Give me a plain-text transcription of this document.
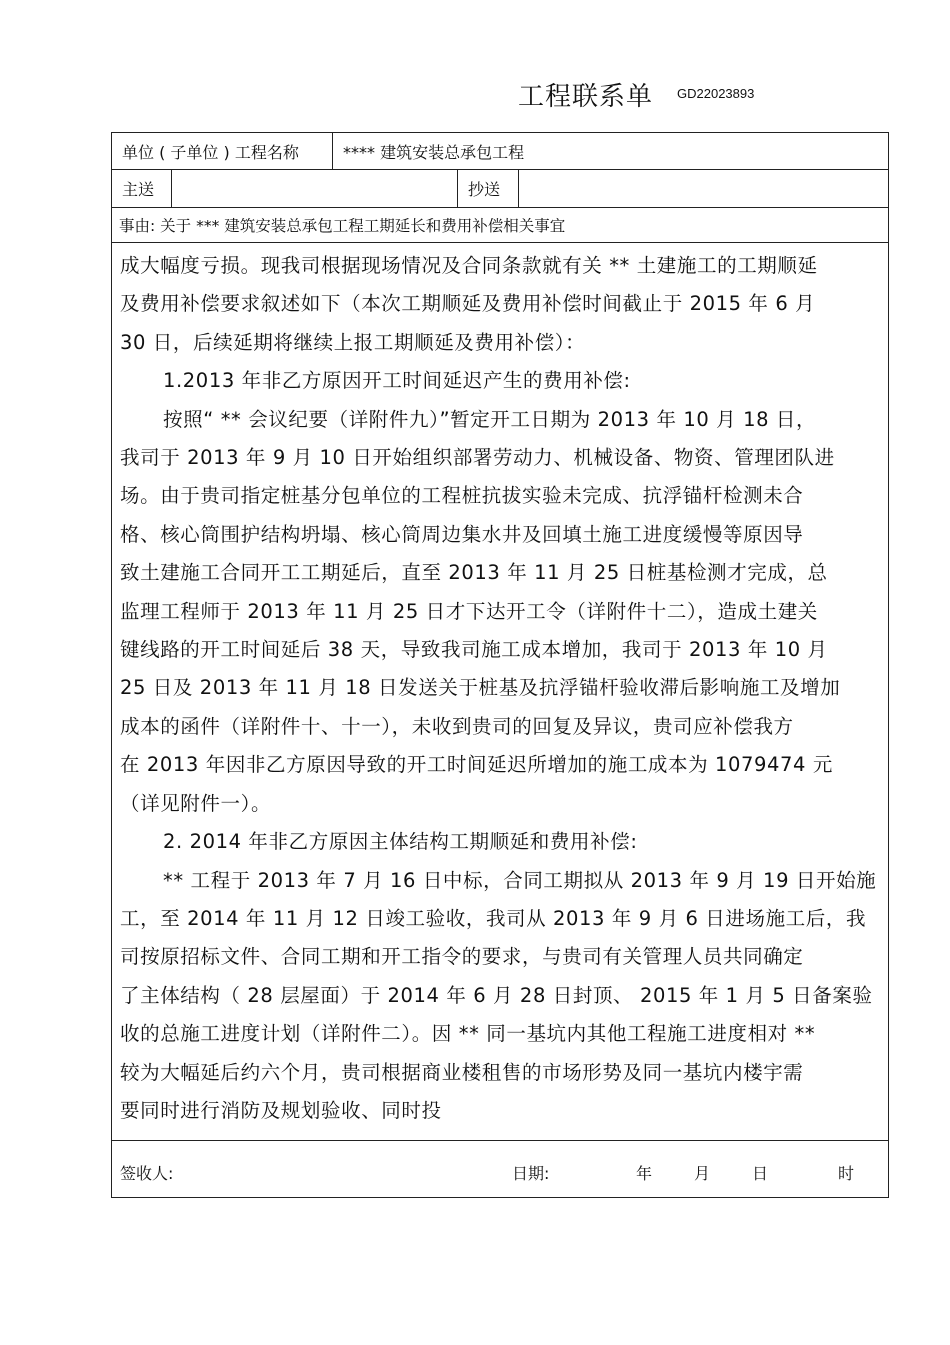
工程联系单 GD22023893
单位 ( 子单位 ) 工程名称	**** 建筑安装总承包工程
主送	抄送
事由: 关于 *** 建筑安装总承包工程工期延长和费用补偿相关事宜

成大幅度亏损。现我司根据现场情况及合同条款就有关 ** 土建施工的工期顺延

及费用补偿要求叙述如下（本次工期顺延及费用补偿时间截止于 2015 年 6 月

30 日，后续延期将继续上报工期顺延及费用补偿）：

1.2013 年非乙方原因开工时间延迟产生的费用补偿:

按照“ ** 会议纪要（详附件九）”暂定开工日期为 2013 年 10 月 18 日，

我司于 2013 年 9 月 10 日开始组织部署劳动力、机械设备、物资、管理团队进

场。由于贵司指定桩基分包单位的工程桩抗拔实验未完成、抗浮锚杆检测未合

格、核心筒围护结构坍塌、核心筒周边集水井及回填土施工进度缓慢等原因导

致土建施工合同开工工期延后，直至 2013 年 11 月 25 日桩基检测才完成，总

监理工程师于 2013 年 11 月 25 日才下达开工令（详附件十二），造成土建关

键线路的开工时间延后 38 天，导致我司施工成本增加，我司于 2013 年 10 月

25 日及 2013 年 11 月 18 日发送关于桩基及抗浮锚杆验收滞后影响施工及增加

成本的函件（详附件十、十一），未收到贵司的回复及异议，贵司应补偿我方

在 2013 年因非乙方原因导致的开工时间延迟所增加的施工成本为 1079474 元

（详见附件一）。

2. 2014 年非乙方原因主体结构工期顺延和费用补偿:

** 工程于 2013 年 7 月 16 日中标，合同工期拟从 2013 年 9 月 19 日开始施

工，至 2014 年 11 月 12 日竣工验收，我司从 2013 年 9 月 6 日进场施工后，我

司按原招标文件、合同工期和开工指令的要求，与贵司有关管理人员共同确定

了主体结构（ 28 层屋面）于 2014 年 6 月 28 日封顶、 2015 年 1 月 5 日备案验

收的总施工进度计划（详附件二）。因 ** 同一基坑内其他工程施工进度相对 **

较为大幅延后约六个月，贵司根据商业楼租售的市场形势及同一基坑内楼宇需

要同时进行消防及规划验收、同时投

签收人:	日期:	年	月	日	时
